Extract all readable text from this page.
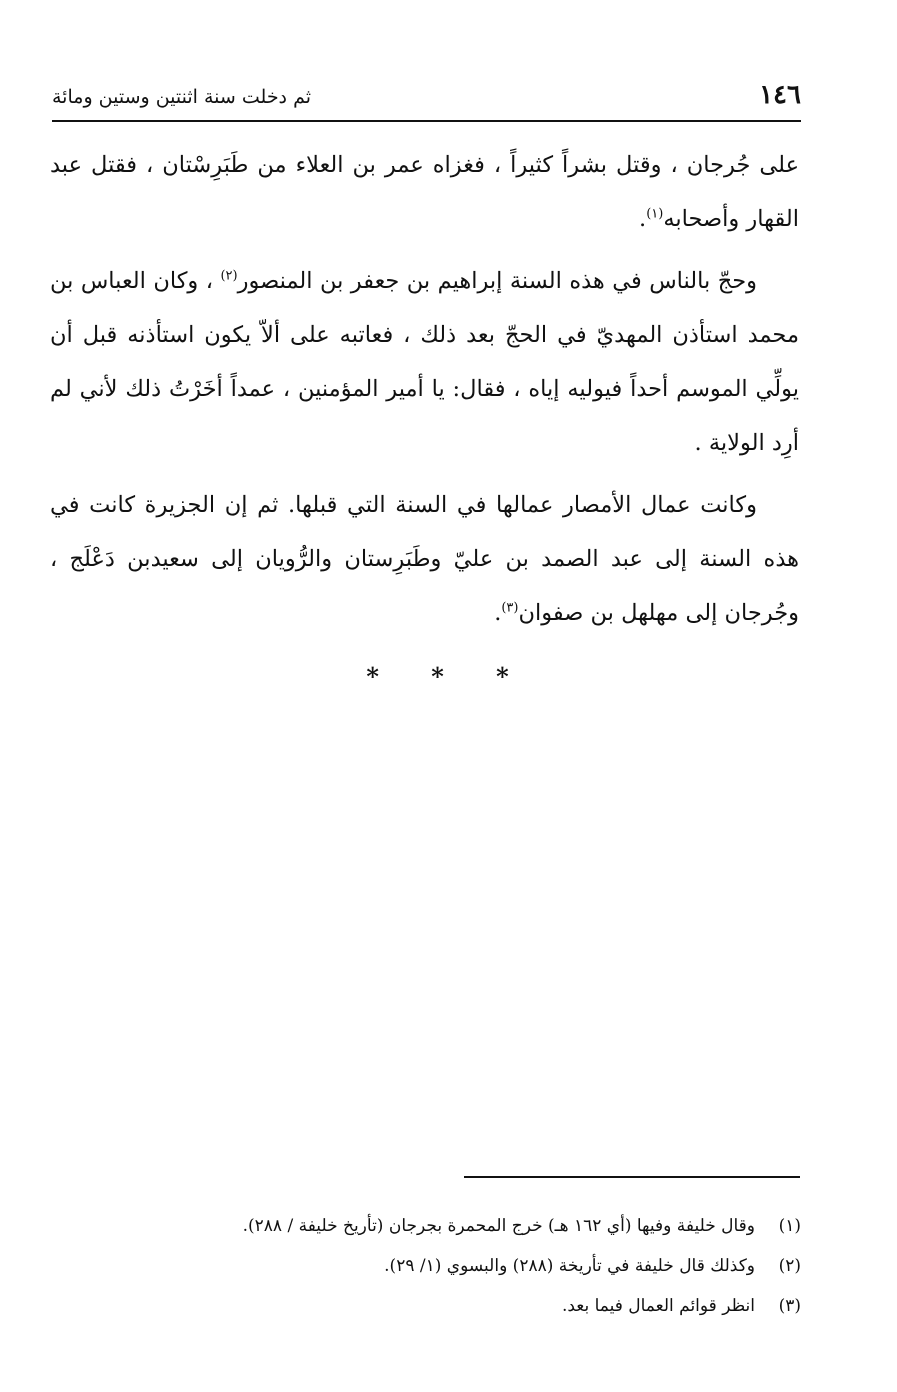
١٤٦
ثم دخلت سنة اثنتين وستين ومائة

على جُرجان ، وقتل بشراً كثيراً ، فغزاه عمر بن العلاء من طَبَرِسْتان ، فقتل عبد القهار وأصحابه$^{(١)}$.

وحجّ بالناس في هذه السنة إبراهيم بن جعفر بن المنصور$^{(٢)}$ ، وكان العباس بن محمد استأذن المهديّ في الحجّ بعد ذلك ، فعاتبه على ألاّ يكون استأذنه قبل أن يولِّي الموسم أحداً فيوليه إياه ، فقال: يا أمير المؤمنين ، عمداً أخَرْتُ ذلك لأني لم أرِد الولاية .

وكانت عمال الأمصار عمالها في السنة التي قبلها. ثم إن الجزيرة كانت في هذه السنة إلى عبد الصمد بن عليّ وطَبَرِستان والرُّويان إلى سعيدبن دَعْلَج ، وجُرجان إلى مهلهل بن صفوان$^{(٣)}$.

* * *
(١)وقال خليفة وفيها (أي ١٦٢ هـ) خرج المحمرة بجرجان (تأريخ خليفة / ٢٨٨).
(٢)وكذلك قال خليفة في تأريخة (٢٨٨) والبسوي (١/ ٢٩).
(٣)انظر قوائم العمال فيما بعد.
